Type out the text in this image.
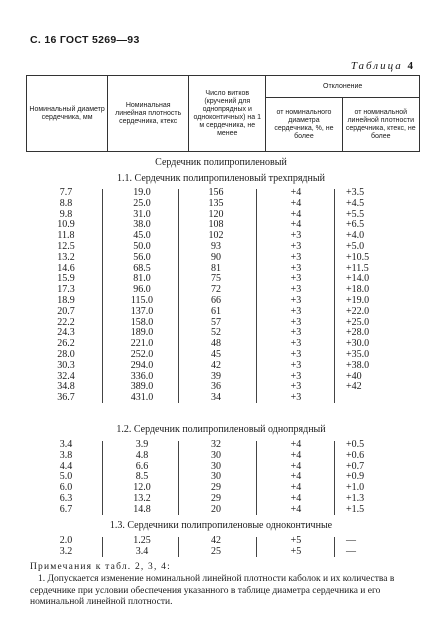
С. 16 ГОСТ 5269—93
Таблица 4
Номинальный диаметр сердечника, мм	Номинальная линейная плотность сердечника, ктекс	Число витков (кручений для однопрядных и одноконтичных) на 1 м сердечника, не менее	Отклонение	
			от номинального диаметра сердечника, %, не более	от номинальной линейной плотности сердечника, ктекс, не более
Сердечник полипропиленовый
1.1. Сердечник полипропиленовый трехпрядный
7.7	19.0	156	+4	+3.5
8.8	25.0	135	+4	+4.5
9.8	31.0	120	+4	+5.5
10.9	38.0	108	+4	+6.5
11.8	45.0	102	+3	+4.0
12.5	50.0	93	+3	+5.0
13.2	56.0	90	+3	+10.5
14.6	68.5	81	+3	+11.5
15.9	81.0	75	+3	+14.0
17.3	96.0	72	+3	+18.0
18.9	115.0	66	+3	+19.0
20.7	137.0	61	+3	+22.0
22.2	158.0	57	+3	+25.0
24.3	189.0	52	+3	+28.0
26.2	221.0	48	+3	+30.0
28.0	252.0	45	+3	+35.0
30.3	294.0	42	+3	+38.0
32.4	336.0	39	+3	+40
34.8	389.0	36	+3	+42
36.7	431.0	34	+3
1.2. Сердечник полипропиленовый однопрядный
3.4	3.9	32	+4	+0.5
3.8	4.8	30	+4	+0.6
4.4	6.6	30	+4	+0.7
5.0	8.5	30	+4	+0.9
6.0	12.0	29	+4	+1.0
6.3	13.2	29	+4	+1.3
6.7	14.8	20	+4	+1.5
1.3. Сердечники полипропиленовые одноконтичные
2.0	1.25	42	+5	—
3.2	3.4	25	+5	—
Примечания к табл. 2, 3, 4:
1. Допускается изменение номинальной линейной плотности каболок и их количества в сердечнике при условии обеспечения указанного в таблице диаметра сердечника и его номинальной линейной плотности.
